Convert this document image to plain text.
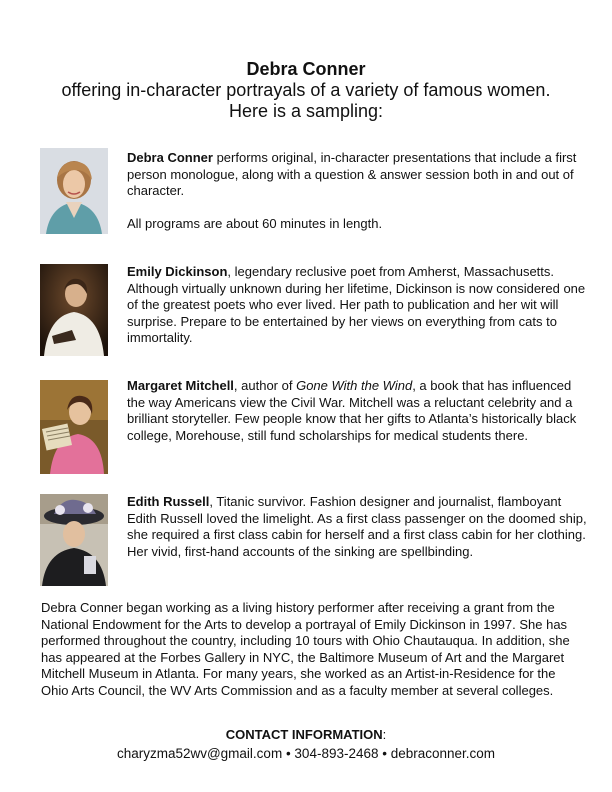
Debra Conner
offering in-character portrayals of a variety of famous women.
Here is a sampling:

Debra Conner performs original, in-character presentations that include a first person monologue, along with a question & answer session both in and out of character.

All programs are about 60 minutes in length.

Emily Dickinson, legendary reclusive poet from Amherst, Massachusetts. Although virtually unknown during her lifetime, Dickinson is now considered one of the greatest poets who ever lived. Her path to publication and her wit will surprise. Prepare to be entertained by her views on everything from cats to immortality.

Margaret Mitchell, author of Gone With the Wind, a book that has influenced the way Americans view the Civil War. Mitchell was a reluctant celebrity and a brilliant storyteller. Few people know that her gifts to Atlanta’s historically black college, Morehouse, still fund scholarships for medical students there.

Edith Russell, Titanic survivor. Fashion designer and journalist, flamboyant Edith Russell loved the limelight. As a first class passenger on the doomed ship, she required a first class cabin for herself and a first class cabin for her clothing. Her vivid, first-hand accounts of the sinking are spellbinding.

Debra Conner began working as a living history performer after receiving a grant from the National Endowment for the Arts to develop a portrayal of Emily Dickinson in 1997. She has performed throughout the country, including 10 tours with Ohio Chautauqua. In addition, she has appeared at the Forbes Gallery in NYC, the Baltimore Museum of Art and the Margaret Mitchell Museum in Atlanta. For many years, she worked as an Artist-in-Residence for the Ohio Arts Council, the WV Arts Commission and as a faculty member at several colleges.
CONTACT INFORMATION:
charyzma52wv@gmail.com • 304-893-2468 • debraconner.com
